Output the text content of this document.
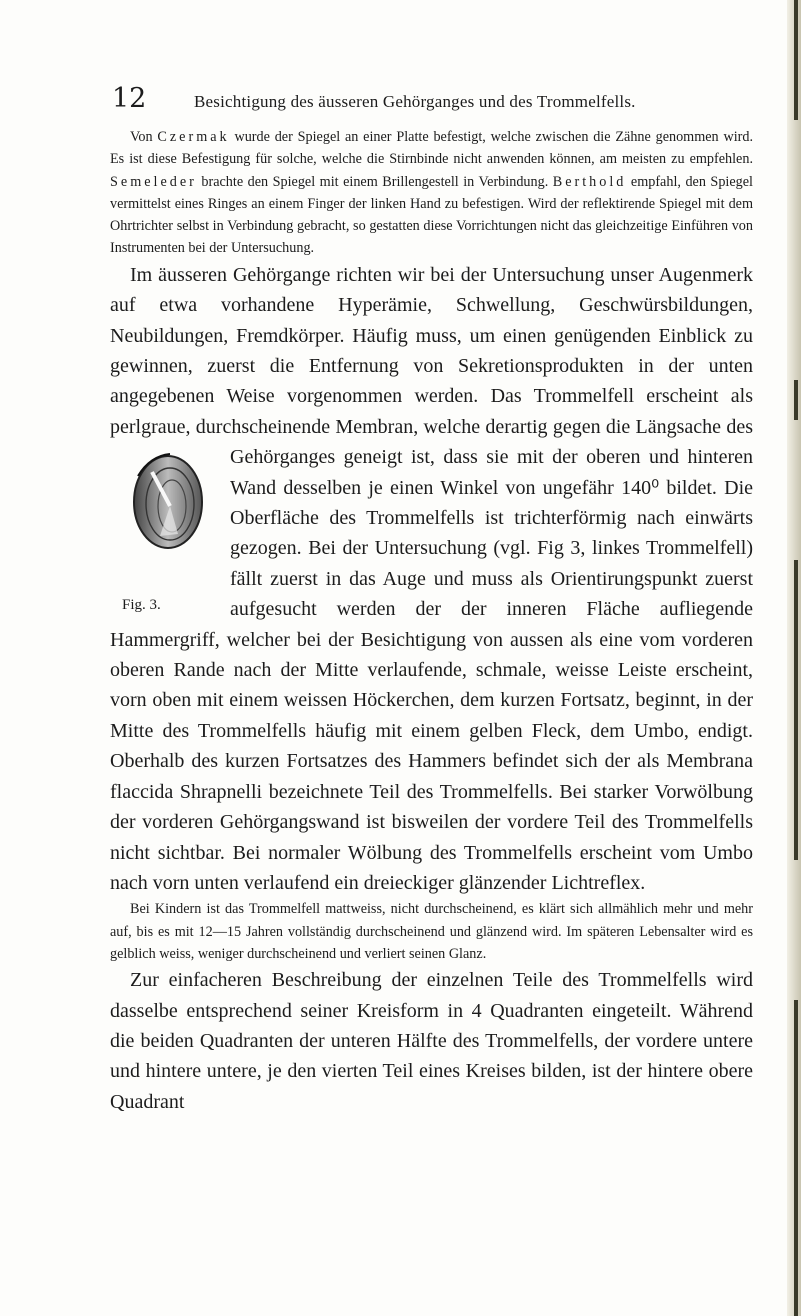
12	Besichtigung des äusseren Gehörganges und des Trommelfells.

Von Czermak wurde der Spiegel an einer Platte befestigt, welche zwischen die Zähne genommen wird. Es ist diese Befestigung für solche, welche die Stirnbinde nicht anwenden können, am meisten zu empfehlen. Semeleder brachte den Spiegel mit einem Brillengestell in Verbindung. Berthold empfahl, den Spiegel vermittelst eines Ringes an einem Finger der linken Hand zu befestigen. Wird der reflektirende Spiegel mit dem Ohrtrichter selbst in Verbindung gebracht, so gestatten diese Vorrichtungen nicht das gleichzeitige Einführen von Instrumenten bei der Untersuchung.

Im äusseren Gehörgange richten wir bei der Untersuchung unser Augenmerk auf etwa vorhandene Hyperämie, Schwellung, Geschwürsbildungen, Neubildungen, Fremdkörper. Häufig muss, um einen genügenden Einblick zu gewinnen, zuerst die Entfernung von Sekretionsprodukten in der unten angegebenen Weise vorgenommen werden. Das Trommelfell erscheint als perlgraue, durchscheinende Membran, welche derartig gegen die Längsache des Gehörganges
Fig. 3.
geneigt ist, dass sie mit der oberen und hinteren Wand desselben je einen Winkel von ungefähr 140⁰ bildet. Die Oberfläche des Trommelfells ist trichterförmig nach einwärts gezogen. Bei der Untersuchung (vgl. Fig 3, linkes Trommelfell) fällt zuerst in das Auge und muss als Orientirungspunkt zuerst aufgesucht werden der der inneren Fläche aufliegende Hammergriff, welcher bei der Besichtigung von aussen als eine vom vorderen oberen Rande nach der Mitte verlaufende, schmale, weisse Leiste erscheint, vorn oben mit einem weissen Höckerchen, dem kurzen Fortsatz, beginnt, in der Mitte des Trommelfells häufig mit einem gelben Fleck, dem Umbo, endigt. Oberhalb des kurzen Fortsatzes des Hammers befindet sich der als Membrana flaccida Shrapnelli bezeichnete Teil des Trommelfells. Bei starker Vorwölbung der vorderen Gehörgangswand ist bisweilen der vordere Teil des Trommelfells nicht sichtbar. Bei normaler Wölbung des Trommelfells erscheint vom Umbo nach vorn unten verlaufend ein dreieckiger glänzender Lichtreflex.

Bei Kindern ist das Trommelfell mattweiss, nicht durchscheinend, es klärt sich allmählich mehr und mehr auf, bis es mit 12—15 Jahren vollständig durchscheinend und glänzend wird. Im späteren Lebensalter wird es gelblich weiss, weniger durchscheinend und verliert seinen Glanz.

Zur einfacheren Beschreibung der einzelnen Teile des Trommelfells wird dasselbe entsprechend seiner Kreisform in 4 Quadranten eingeteilt. Während die beiden Quadranten der unteren Hälfte des Trommelfells, der vordere untere und hintere untere, je den vierten Teil eines Kreises bilden, ist der hintere obere Quadrant
